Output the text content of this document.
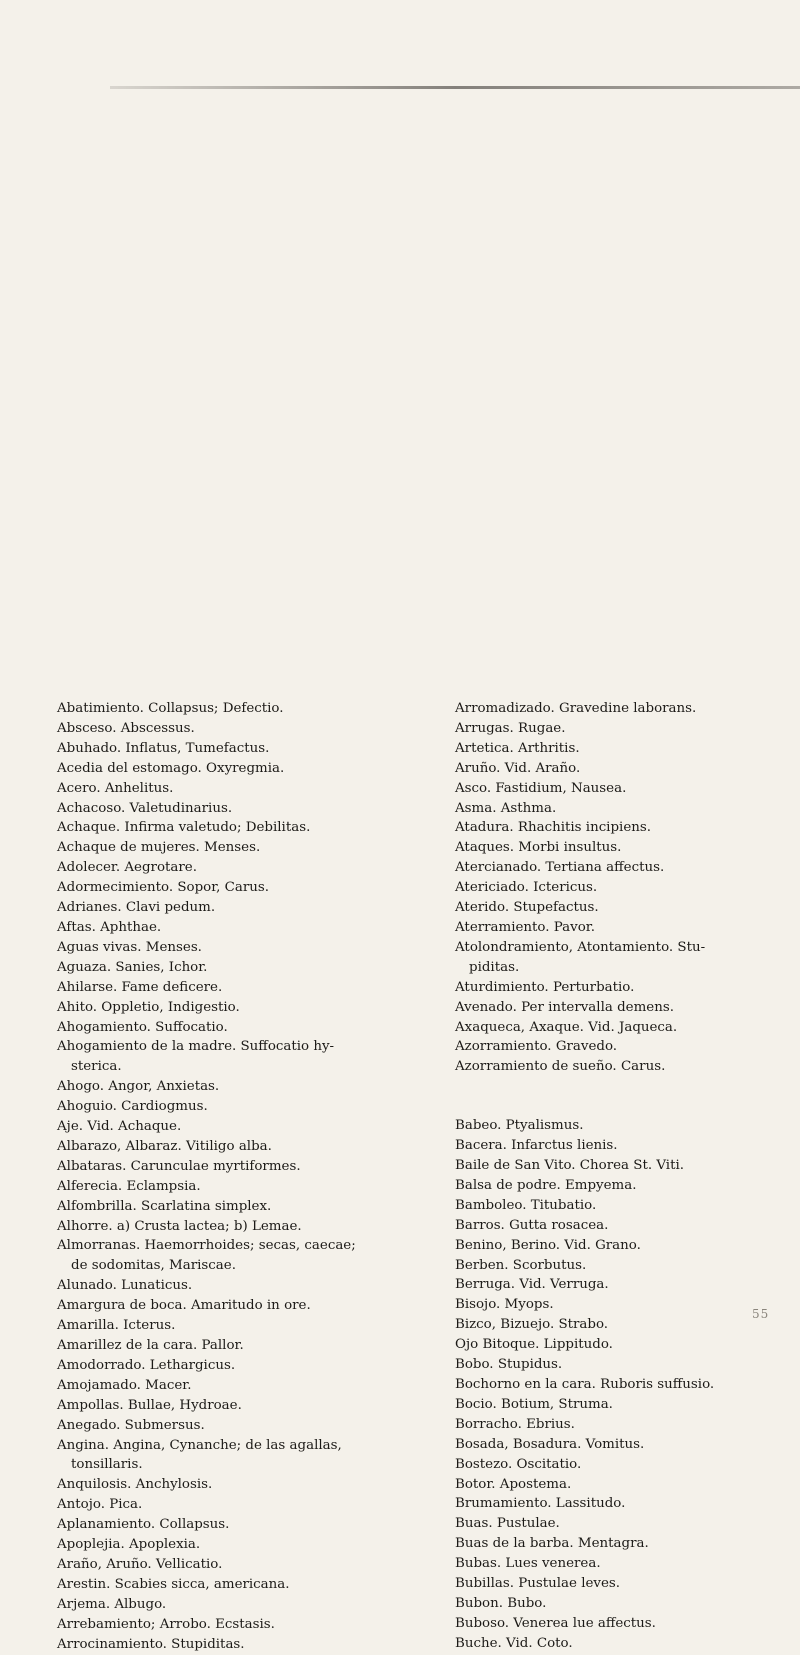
Abatimiento. Collapsus; Defectio.
Absceso. Abscessus.
Abuhado. Inflatus, Tumefactus.
Acedia del estomago. Oxyregmia.
Acero. Anhelitus.
Achacoso. Valetudinarius.
Achaque. Infirma valetudo; Debilitas.
Achaque de mujeres. Menses.
Adolecer. Aegrotare.
Adormecimiento. Sopor, Carus.
Adrianes. Clavi pedum.
Aftas. Aphthae.
Aguas vivas. Menses.
Aguaza. Sanies, Ichor.
Ahilarse. Fame deficere.
Ahito. Oppletio, Indigestio.
Ahogamiento. Suffocatio.
Ahogamiento de la madre. Suffocatio hy-
sterica.
Ahogo. Angor, Anxietas.
Ahoguio. Cardiogmus.
Aje. Vid. Achaque.
Albarazo, Albaraz. Vitiligo alba.
Albataras. Carunculae myrtiformes.
Alferecia. Eclampsia.
Alfombrilla. Scarlatina simplex.
Alhorre. a) Crusta lactea; b) Lemae.
Almorranas. Haemorrhoides; secas, caecae;
de sodomitas, Mariscae.
Alunado. Lunaticus.
Amargura de boca. Amaritudo in ore.
Amarilla. Icterus.
Amarillez de la cara. Pallor.
Amodorrado. Lethargicus.
Amojamado. Macer.
Ampollas. Bullae, Hydroae.
Anegado. Submersus.
Angina. Angina, Cynanche; de las agallas,
tonsillaris.
Anquilosis. Anchylosis.
Antojo. Pica.
Aplanamiento. Collapsus.
Apoplejia. Apoplexia.
Araño, Aruño. Vellicatio.
Arestin. Scabies sicca, americana.
Arjema. Albugo.
Arrebamiento; Arrobo. Ecstasis.
Arrocinamiento. Stupiditas.
Arromadizado. Gravedine laborans.
Arrugas. Rugae.
Artetica. Arthritis.
Aruño. Vid. Araño.
Asco. Fastidium, Nausea.
Asma. Asthma.
Atadura. Rhachitis incipiens.
Ataques. Morbi insultus.
Atercianado. Tertiana affectus.
Atericiado. Ictericus.
Aterido. Stupefactus.
Aterramiento. Pavor.
Atolondramiento, Atontamiento. Stu-
piditas.
Aturdimiento. Perturbatio.
Avenado. Per intervalla demens.
Axaqueca, Axaque. Vid. Jaqueca.
Azorramiento. Gravedo.
Azorramiento de sueño. Carus.
Babeo. Ptyalismus.
Bacera. Infarctus lienis.
Baile de San Vito. Chorea St. Viti.
Balsa de podre. Empyema.
Bamboleo. Titubatio.
Barros. Gutta rosacea.
Benino, Berino. Vid. Grano.
Berben. Scorbutus.
Berruga. Vid. Verruga.
Bisojo. Myops.
Bizco, Bizuejo. Strabo.
Ojo Bitoque. Lippitudo.
Bobo. Stupidus.
Bochorno en la cara. Ruboris suffusio.
Bocio. Botium, Struma.
Borracho. Ebrius.
Bosada, Bosadura. Vomitus.
Bostezo. Oscitatio.
Botor. Apostema.
Brumamiento. Lassitudo.
Buas. Pustulae.
Buas de la barba. Mentagra.
Bubas. Lues venerea.
Bubillas. Pustulae leves.
Bubon. Bubo.
Buboso. Venerea lue affectus.
Buche. Vid. Coto.
55
